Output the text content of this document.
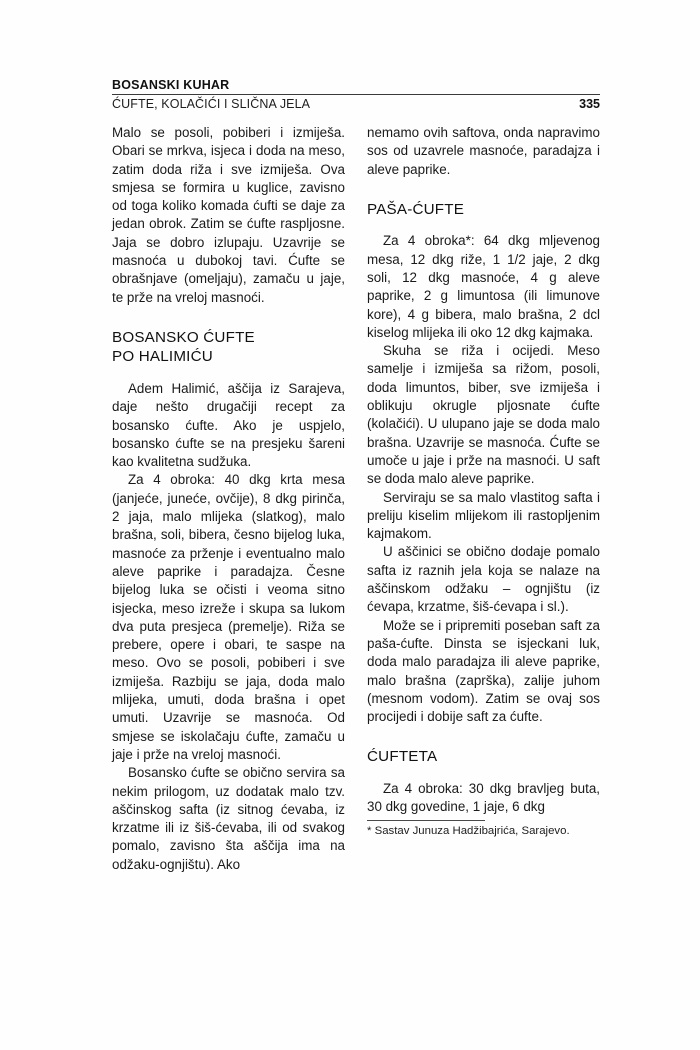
BOSANSKI KUHAR
ĆUFTE, KOLAČIĆI I SLIČNA JELA	335

Malo se posoli, pobiberi i izmiješa. Obari se mrkva, isjeca i doda na meso, zatim doda riža i sve izmiješa. Ova smjesa se formira u kuglice, zavisno od toga koliko komada ćufti se daje za jedan obrok. Zatim se ćufte raspljosne. Jaja se dobro izlupaju. Uzavrije se masnoća u dubokoj tavi. Ćufte se obrašnjave (omeljaju), zamaču u jaje, te prže na vreloj masnoći.

BOSANSKO ĆUFTE
PO HALIMIĆU

Adem Halimić, aščija iz Sarajeva, daje nešto drugačiji recept za bosansko ćufte. Ako je uspjelo, bosansko ćufte se na presjeku šareni kao kvalitetna sudžuka.

Za 4 obroka: 40 dkg krta mesa (janjeće, juneće, ovčije), 8 dkg pirinča, 2 jaja, malo mlijeka (slatkog), malo brašna, soli, bibera, česno bijelog luka, masnoće za prženje i eventualno malo aleve paprike i paradajza. Česne bijelog luka se očisti i veoma sitno isjecka, meso izreže i skupa sa lukom dva puta presjeca (premelje). Riža se prebere, opere i obari, te saspe na meso. Ovo se posoli, pobiberi i sve izmiješa. Razbiju se jaja, doda malo mlijeka, umuti, doda brašna i opet umuti. Uzavrije se masnoća. Od smjese se iskolačaju ćufte, zamaču u jaje i prže na vreloj masnoći.

Bosansko ćufte se obično servira sa nekim prilogom, uz dodatak malo tzv. aščinskog safta (iz sitnog ćevaba, iz krzatme ili iz šiš-ćevaba, ili od svakog pomalo, zavisno šta aščija ima na odžaku-ognjištu). Ako

nemamo ovih saftova, onda napravimo sos od uzavrele masnoće, paradajza i aleve paprike.

PAŠA-ĆUFTE

Za 4 obroka*: 64 dkg mljevenog mesa, 12 dkg riže, 1 1/2 jaje, 2 dkg soli, 12 dkg masnoće, 4 g aleve paprike, 2 g limuntosa (ili limunove kore), 4 g bibera, malo brašna, 2 dcl kiselog mlijeka ili oko 12 dkg kajmaka.

Skuha se riža i ocijedi. Meso samelje i izmiješa sa rižom, posoli, doda limuntos, biber, sve izmiješa i oblikuju okrugle pljosnate ćufte (kolačići). U ulupano jaje se doda malo brašna. Uzavrije se masnoća. Ćufte se umoče u jaje i prže na masnoći. U saft se doda malo aleve paprike.

Serviraju se sa malo vlastitog safta i preliju kiselim mlijekom ili rastopljenim kajmakom.

U aščinici se obično dodaje pomalo safta iz raznih jela koja se nalaze na aščinskom odžaku – ognjištu (iz ćevapa, krzatme, šiš-ćevapa i sl.).

Može se i pripremiti poseban saft za paša-ćufte. Dinsta se isjeckani luk, doda malo paradajza ili aleve paprike, malo brašna (zaprška), zalije juhom (mesnom vodom). Zatim se ovaj sos procijedi i dobije saft za ćufte.

ĆUFTETA

Za 4 obroka: 30 dkg bravljeg buta, 30 dkg govedine, 1 jaje, 6 dkg

* Sastav Junuza Hadžibajrića, Sarajevo.
